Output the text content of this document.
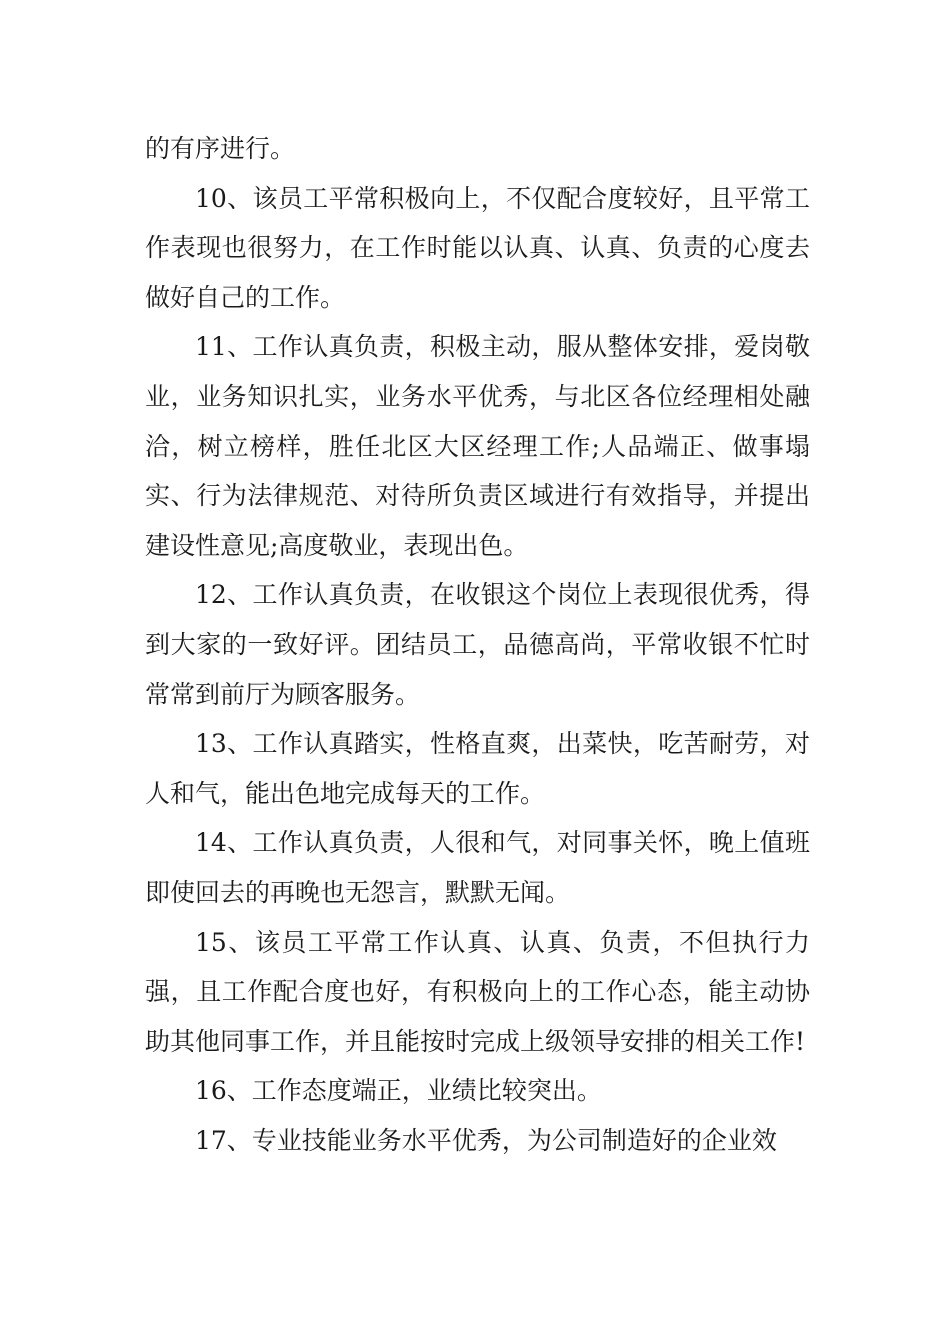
的有序进行。

10、该员工平常积极向上，不仅配合度较好，且平常工作表现也很努力，在工作时能以认真、认真、负责的心度去做好自己的工作。

11、工作认真负责，积极主动，服从整体安排，爱岗敬业，业务知识扎实，业务水平优秀，与北区各位经理相处融洽，树立榜样，胜任北区大区经理工作;人品端正、做事塌实、行为法律规范、对待所负责区域进行有效指导，并提出建设性意见;高度敬业，表现出色。

12、工作认真负责，在收银这个岗位上表现很优秀，得到大家的一致好评。团结员工，品德高尚，平常收银不忙时常常到前厅为顾客服务。

13、工作认真踏实，性格直爽，出菜快，吃苦耐劳，对人和气，能出色地完成每天的工作。

14、工作认真负责，人很和气，对同事关怀，晚上值班即使回去的再晚也无怨言，默默无闻。

15、该员工平常工作认真、认真、负责，不但执行力强，且工作配合度也好，有积极向上的工作心态，能主动协助其他同事工作，并且能按时完成上级领导安排的相关工作!

16、工作态度端正，业绩比较突出。

17、专业技能业务水平优秀，为公司制造好的企业效
